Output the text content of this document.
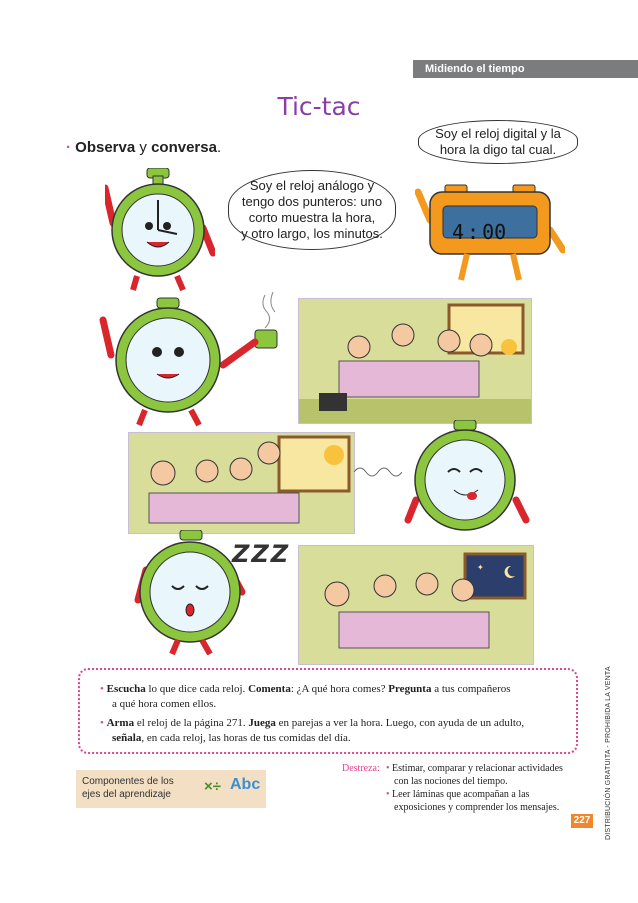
Midiendo el tiempo
Tic-tac
· Observa y conversa.
Soy el reloj digital y la
hora la digo tal cual.
Soy el reloj análogo y
tengo dos punteros: uno
corto muestra la hora,
y otro largo, los minutos.	4 : 00
ZZZ	✦
• Escucha lo que dice cada reloj. Comenta: ¿A qué hora comes? Pregunta a tus compañeros
a qué hora comen ellos.
• Arma el reloj de la página 271. Juega en parejas a ver la hora. Luego, con ayuda de un adulto,
señala, en cada reloj, las horas de tus comidas del día.
Componentes de los
ejes del aprendizaje	×÷ Abc
Destreza: • Estimar, comparar y relacionar actividades
con las nociones del tiempo.
• Leer láminas que acompañan a las
exposiciones y comprender los mensajes.
227	DISTRIBUCIÓN GRATUITA - PROHIBIDA LA VENTA
